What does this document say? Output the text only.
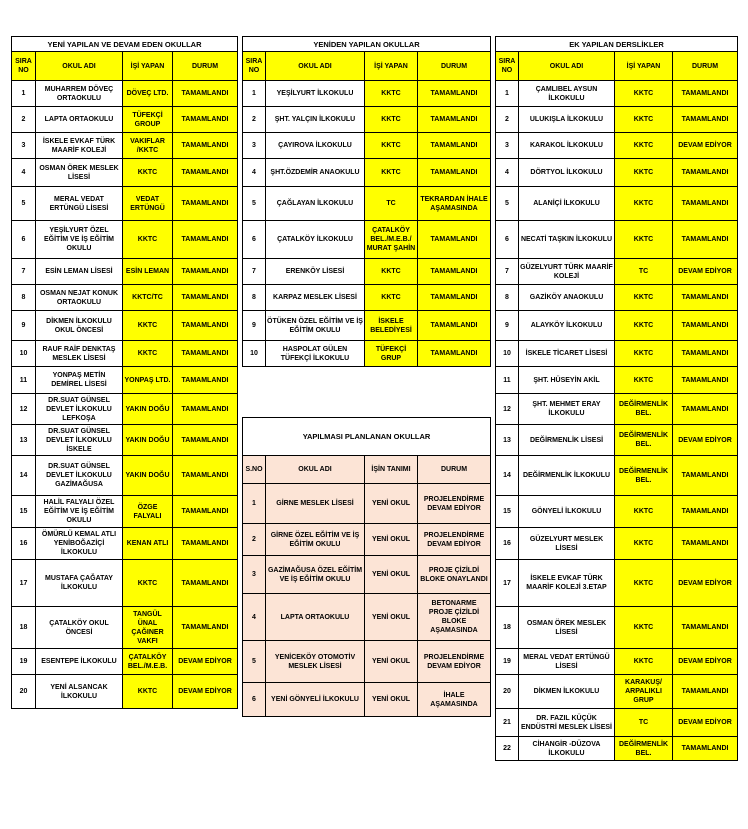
YENİ YAPILAN VE DEVAM EDEN OKULLAR			
SIRA NO	OKUL ADI	İŞİ YAPAN	DURUM
1	MUHARREM DÖVEÇ ORTAOKULU	DÖVEÇ LTD.	TAMAMLANDI
2	LAPTA ORTAOKULU	TÜFEKÇİ GROUP	TAMAMLANDI
3	İSKELE EVKAF TÜRK MAARİF KOLEJİ	VAKIFLAR /KKTC	TAMAMLANDI
4	OSMAN ÖREK MESLEK LİSESİ	KKTC	TAMAMLANDI
5	MERAL VEDAT ERTÜNGÜ LİSESİ	VEDAT ERTÜNGÜ	TAMAMLANDI
6	YEŞİLYURT ÖZEL EĞİTİM VE İŞ EĞİTİM OKULU	KKTC	TAMAMLANDI
7	ESİN LEMAN LİSESİ	ESİN LEMAN	TAMAMLANDI
8	OSMAN NEJAT KONUK ORTAOKULU	KKTC/TC	TAMAMLANDI
9	DİKMEN İLKOKULU OKUL ÖNCESİ	KKTC	TAMAMLANDI
10	RAUF RAİF DENKTAŞ MESLEK LİSESİ	KKTC	TAMAMLANDI
11	YONPAŞ METİN DEMİREL LİSESİ	YONPAŞ LTD.	TAMAMLANDI
12	DR.SUAT GÜNSEL DEVLET İLKOKULU LEFKOŞA	YAKIN DOĞU	TAMAMLANDI
13	DR.SUAT GÜNSEL DEVLET İLKOKULU İSKELE	YAKIN DOĞU	TAMAMLANDI
14	DR.SUAT GÜNSEL DEVLET İLKOKULU GAZİMAĞUSA	YAKIN DOĞU	TAMAMLANDI
15	HALİL FALYALI ÖZEL EĞİTİM VE İŞ EĞİTİM OKULU	ÖZGE FALYALI	TAMAMLANDI
16	ÖMÜRLÜ KEMAL ATLI YENİBOĞAZİÇİ İLKOKULU	KENAN ATLI	TAMAMLANDI
17	MUSTAFA ÇAĞATAY İLKOKULU	KKTC	TAMAMLANDI
18	ÇATALKÖY OKUL ÖNCESİ	TANGÜL ÜNAL ÇAĞINER VAKFI	TAMAMLANDI
19	ESENTEPE İLKOKULU	ÇATALKÖY BEL./M.E.B.	DEVAM EDİYOR
20	YENİ ALSANCAK İLKOKULU	KKTC	DEVAM EDİYOR
YENİDEN YAPILAN OKULLAR			
SIRA NO	OKUL ADI	İŞİ YAPAN	DURUM
1	YEŞİLYURT İLKOKULU	KKTC	TAMAMLANDI
2	ŞHT. YALÇIN İLKOKULU	KKTC	TAMAMLANDI
3	ÇAYIROVA İLKOKULU	KKTC	TAMAMLANDI
4	ŞHT.ÖZDEMİR ANAOKULU	KKTC	TAMAMLANDI
5	ÇAĞLAYAN İLKOKULU	TC	TEKRARDAN İHALE AŞAMASINDA
6	ÇATALKÖY İLKOKULU	ÇATALKÖY BEL./M.E.B./ MURAT ŞAHİN	TAMAMLANDI
7	ERENKÖY LİSESİ	KKTC	TAMAMLANDI
8	KARPAZ MESLEK LİSESİ	KKTC	TAMAMLANDI
9	ÖTÜKEN ÖZEL EĞİTİM VE İŞ EĞİTİM OKULU	İSKELE BELEDİYESİ	TAMAMLANDI
10	HASPOLAT GÜLEN TÜFEKÇİ İLKOKULU	TÜFEKÇİ GRUP	TAMAMLANDI
YAPILMASI PLANLANAN OKULLAR			
S.NO	OKUL ADI	İŞİN TANIMI	DURUM
1	GİRNE MESLEK LİSESİ	YENİ OKUL	PROJELENDİRME DEVAM EDİYOR
2	GİRNE ÖZEL EĞİTİM VE İŞ EĞİTİM OKULU	YENİ OKUL	PROJELENDİRME DEVAM EDİYOR
3	GAZİMAĞUSA ÖZEL EĞİTİM VE İŞ EĞİTİM OKULU	YENİ OKUL	PROJE ÇİZİLDİ BLOKE ONAYLANDI
4	LAPTA ORTAOKULU	YENİ OKUL	BETONARME PROJE ÇİZİLDİ BLOKE AŞAMASINDA
5	YENİCEKÖY OTOMOTİV MESLEK LİSESİ	YENİ OKUL	PROJELENDİRME DEVAM EDİYOR
6	YENİ GÖNYELİ İLKOKULU	YENİ OKUL	İHALE AŞAMASINDA
EK YAPILAN DERSLİKLER			
SIRA NO	OKUL ADI	İŞİ YAPAN	DURUM
1	ÇAMLIBEL AYSUN İLKOKULU	KKTC	TAMAMLANDI
2	ULUKIŞLA İLKOKULU	KKTC	TAMAMLANDI
3	KARAKOL İLKOKULU	KKTC	DEVAM EDİYOR
4	DÖRTYOL İLKOKULU	KKTC	TAMAMLANDI
5	ALANİÇİ İLKOKULU	KKTC	TAMAMLANDI
6	NECATİ TAŞKIN İLKOKULU	KKTC	TAMAMLANDI
7	GÜZELYURT TÜRK MAARİF KOLEJİ	TC	DEVAM EDİYOR
8	GAZİKÖY ANAOKULU	KKTC	TAMAMLANDI
9	ALAYKÖY İLKOKULU	KKTC	TAMAMLANDI
10	İSKELE TİCARET LİSESİ	KKTC	TAMAMLANDI
11	ŞHT. HÜSEYİN AKİL	KKTC	TAMAMLANDI
12	ŞHT. MEHMET ERAY İLKOKULU	DEĞİRMENLİK BEL.	TAMAMLANDI
13	DEĞİRMENLİK LİSESİ	DEĞİRMENLİK BEL.	DEVAM EDİYOR
14	DEĞİRMENLİK İLKOKULU	DEĞİRMENLİK BEL.	TAMAMLANDI
15	GÖNYELİ İLKOKULU	KKTC	TAMAMLANDI
16	GÜZELYURT MESLEK LİSESİ	KKTC	TAMAMLANDI
17	İSKELE EVKAF TÜRK MAARİF KOLEJİ 3.ETAP	KKTC	DEVAM EDİYOR
18	OSMAN ÖREK MESLEK LİSESİ	KKTC	TAMAMLANDI
19	MERAL VEDAT ERTÜNGÜ LİSESİ	KKTC	DEVAM EDİYOR
20	DİKMEN İLKOKULU	KARAKUŞ/ ARPALIKLI GRUP	TAMAMLANDI
21	DR. FAZIL KÜÇÜK ENDÜSTRİ MESLEK LİSESİ	TC	DEVAM EDİYOR
22	CİHANGİR -DÜZOVA İLKOKULU	DEĞİRMENLİK BEL.	TAMAMLANDI
